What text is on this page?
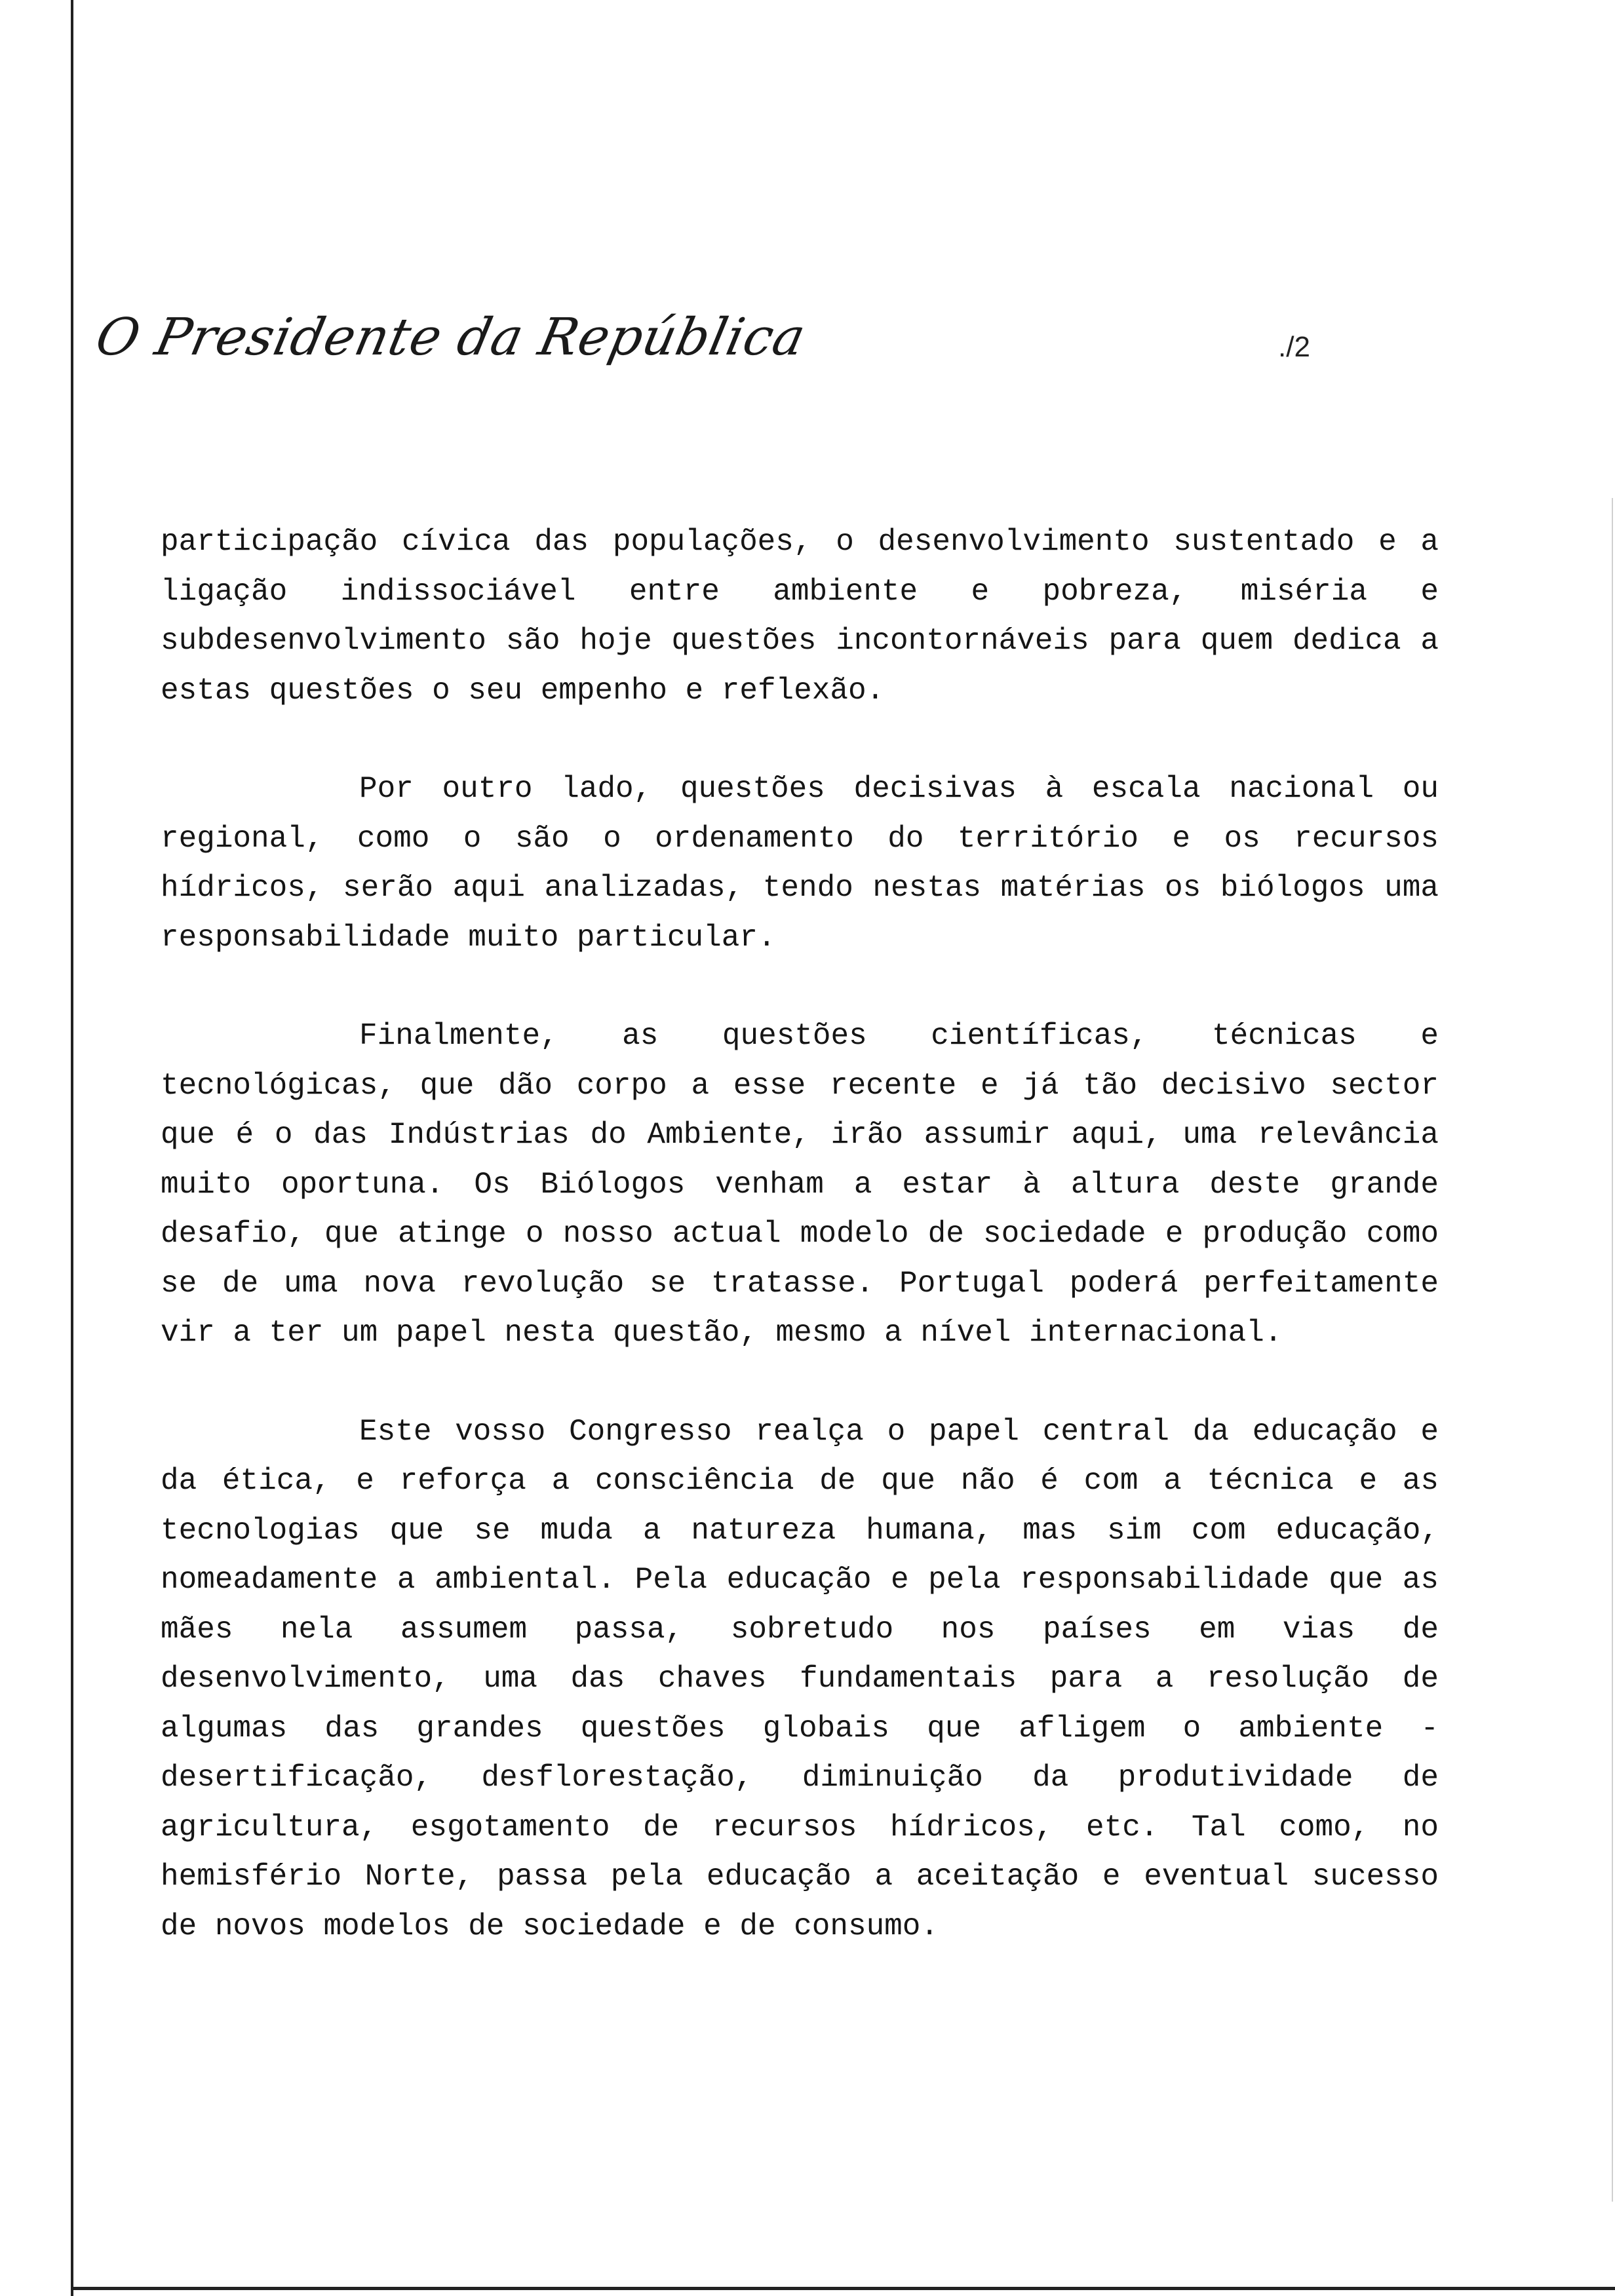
O Presidente da República	./2

participação cívica das populações, o desenvolvimento sustentado e a ligação indissociável entre ambiente e pobreza, miséria e subdesenvolvimento são hoje questões incontornáveis para quem dedica a estas questões o seu empenho e reflexão.

Por outro lado, questões decisivas à escala nacional ou regional, como o são o ordenamento do território e os recursos hídricos, serão aqui analizadas, tendo nestas matérias os biólogos uma responsabilidade muito particular.

Finalmente, as questões científicas, técnicas e tecnológicas, que dão corpo a esse recente e já tão decisivo sector que é o das Indústrias do Ambiente, irão assumir aqui, uma relevância muito oportuna. Os Biólogos venham a estar à altura deste grande desafio, que atinge o nosso actual modelo de sociedade e produção como se de uma nova revolução se tratasse. Portugal poderá perfeitamente vir a ter um papel nesta questão, mesmo a nível internacional.

Este vosso Congresso realça o papel central da educação e da ética, e reforça a consciência de que não é com a técnica e as tecnologias que se muda a natureza humana, mas sim com educação, nomeadamente a ambiental. Pela educação e pela responsabilidade que as mães nela assumem passa, sobretudo nos países em vias de desenvolvimento, uma das chaves fundamentais para a resolução de algumas das grandes questões globais que afligem o ambiente - desertificação, desflorestação, diminuição da produtividade de agricultura, esgotamento de recursos hídricos, etc. Tal como, no hemisfério Norte, passa pela educação a aceitação e eventual sucesso de novos modelos de sociedade e de consumo.
